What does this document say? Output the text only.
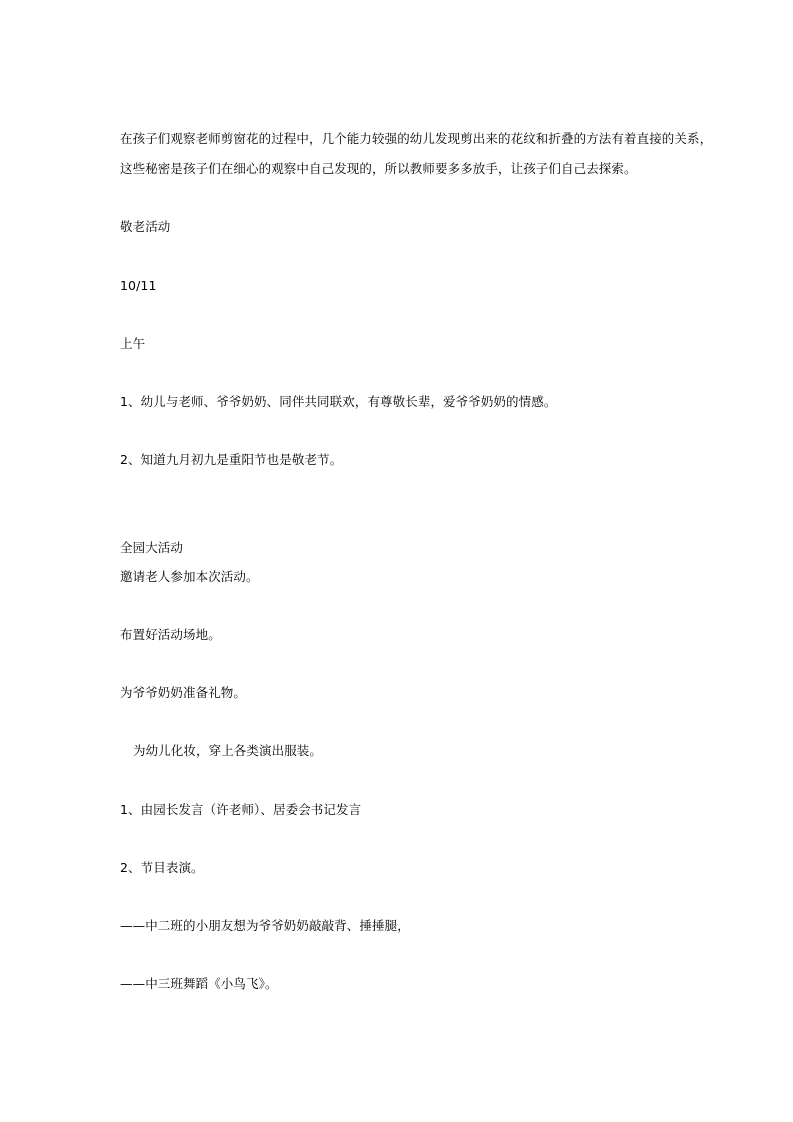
在孩子们观察老师剪窗花的过程中，几个能力较强的幼儿发现剪出来的花纹和折叠的方法有着直接的关系，
这些秘密是孩子们在细心的观察中自己发现的，所以教师要多多放手，让孩子们自己去探索。
敬老活动
10/11
上午
1、幼儿与老师、爷爷奶奶、同伴共同联欢，有尊敬长辈，爱爷爷奶奶的情感。
2、知道九月初九是重阳节也是敬老节。
全园大活动
邀请老人参加本次活动。
布置好活动场地。
为爷爷奶奶准备礼物。
为幼儿化妆，穿上各类演出服装。
1、由园长发言（许老师）、居委会书记发言
2、节目表演。
——中二班的小朋友想为爷爷奶奶敲敲背、捶捶腿，
——中三班舞蹈《小鸟飞》。
